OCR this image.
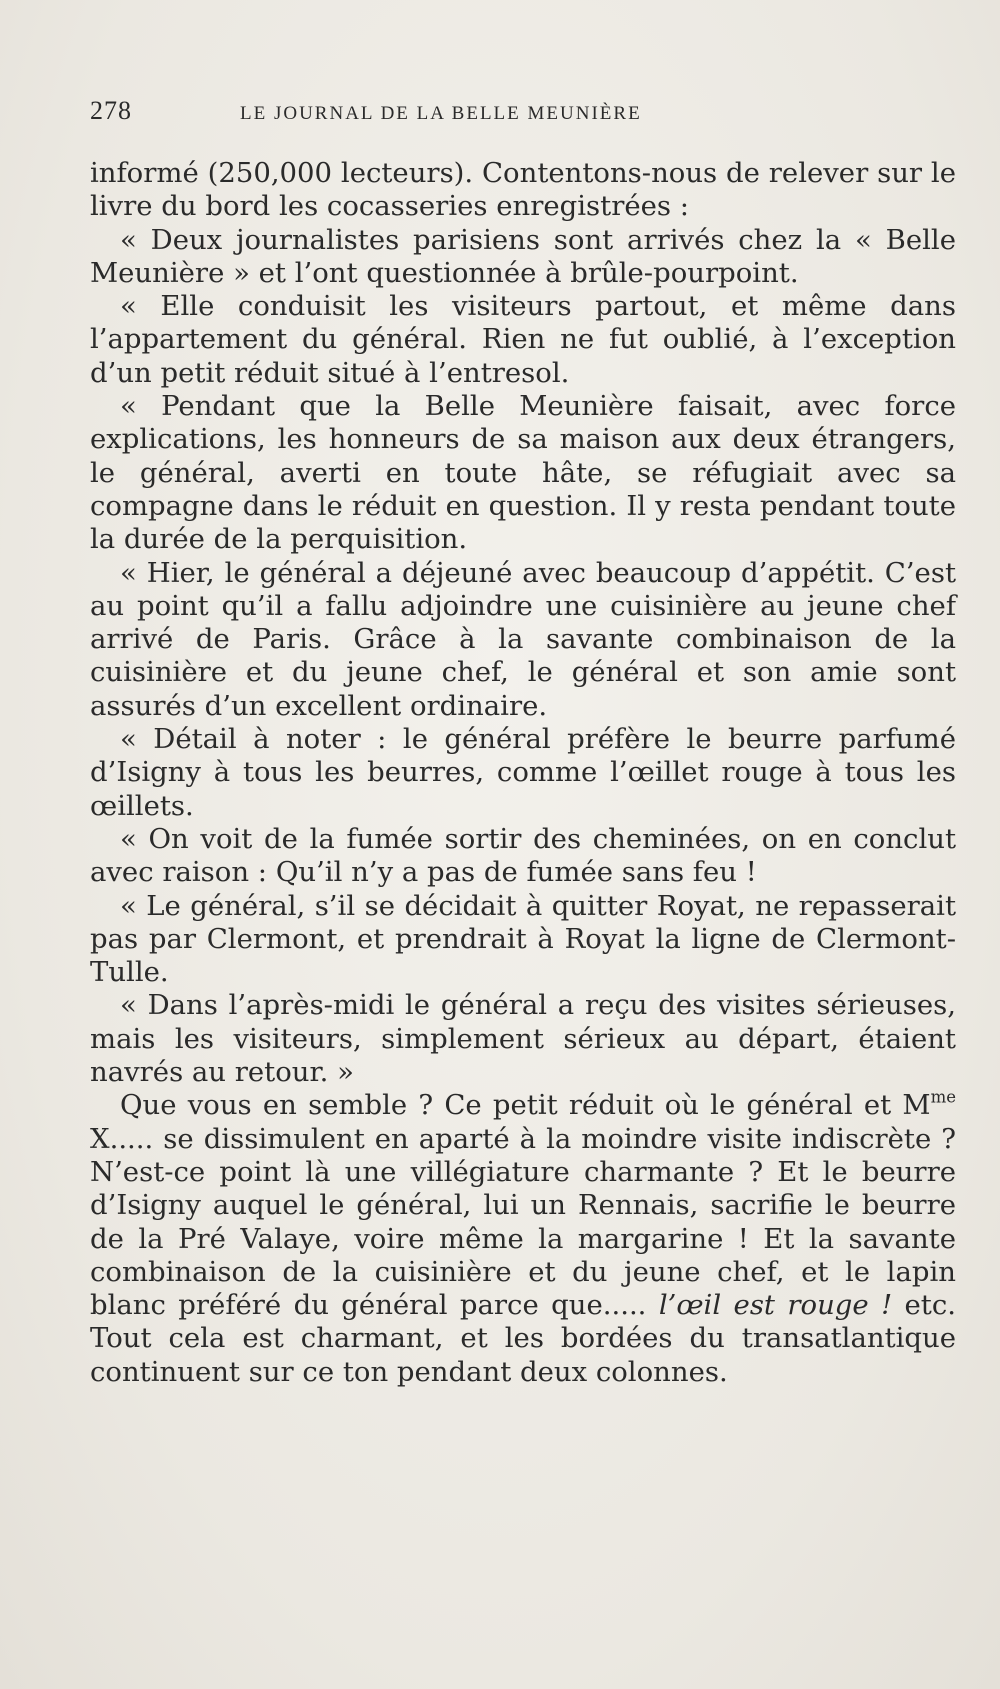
278	LE JOURNAL DE LA BELLE MEUNIÈRE

informé (250,000 lecteurs). Contentons-nous de relever sur le livre du bord les cocasseries enregistrées :

« Deux journalistes parisiens sont arrivés chez la « Belle Meunière » et l’ont questionnée à brûle-pourpoint.

« Elle conduisit les visiteurs partout, et même dans l’appartement du général. Rien ne fut oublié, à l’exception d’un petit réduit situé à l’entresol.

« Pendant que la Belle Meunière faisait, avec force explications, les honneurs de sa maison aux deux étrangers, le général, averti en toute hâte, se réfugiait avec sa compagne dans le réduit en question. Il y resta pendant toute la durée de la perquisition.

« Hier, le général a déjeuné avec beaucoup d’appétit. C’est au point qu’il a fallu adjoindre une cuisinière au jeune chef arrivé de Paris. Grâce à la savante combinaison de la cuisinière et du jeune chef, le général et son amie sont assurés d’un excellent ordinaire.

« Détail à noter : le général préfère le beurre parfumé d’Isigny à tous les beurres, comme l’œillet rouge à tous les œillets.

« On voit de la fumée sortir des cheminées, on en conclut avec raison : Qu’il n’y a pas de fumée sans feu !

« Le général, s’il se décidait à quitter Royat, ne repasserait pas par Clermont, et prendrait à Royat la ligne de Clermont-Tulle.

« Dans l’après-midi le général a reçu des visites sérieuses, mais les visiteurs, simplement sérieux au départ, étaient navrés au retour. »

Que vous en semble ? Ce petit réduit où le général et $M^{me}$ X..... se dissimulent en aparté à la moindre visite indiscrète ? N’est-ce point là une villégiature charmante ? Et le beurre d’Isigny auquel le général, lui un Rennais, sacrifie le beurre de la Pré Valaye, voire même la margarine ! Et la savante combinaison de la cuisinière et du jeune chef, et le lapin blanc préféré du général parce que..... l’œil est rouge ! etc. Tout cela est charmant, et les bordées du transatlantique continuent sur ce ton pendant deux colonnes.
